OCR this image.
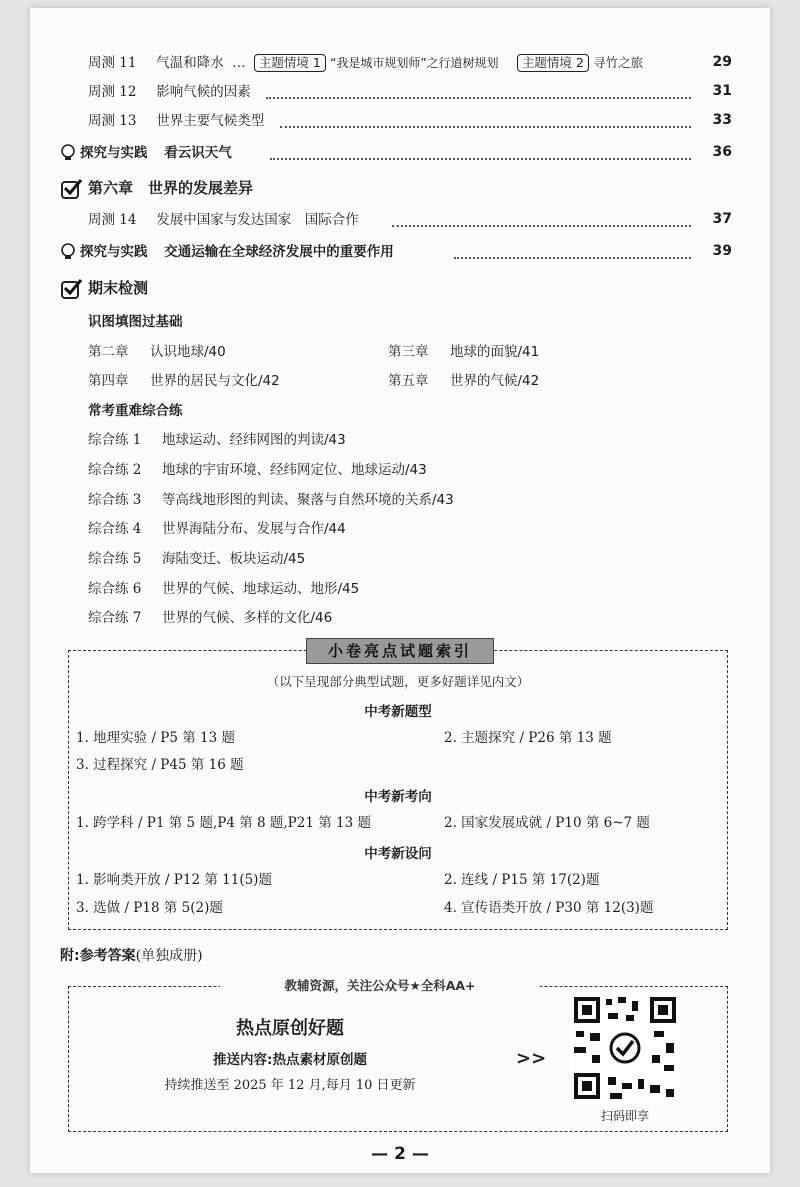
周测 11 气温和降水 … 主题情境 1 “我是城市规划师”之行道树规划 主题情境 2 寻竹之旅	29
周测 12 影响气候的因素	31
周测 13 世界主要气候类型	33
探究与实践 看云识天气	36
第六章　世界的发展差异
周测 14 发展中国家与发达国家　国际合作	37
探究与实践 交通运输在全球经济发展中的重要作用	39
期末检测
识图填图过基础
第二章 认识地球/40	第三章 地球的面貌/41
第四章 世界的居民与文化/42	第五章 世界的气候/42
常考重难综合练
综合练 1 地球运动、经纬网图的判读/43
综合练 2 地球的宇宙环境、经纬网定位、地球运动/43
综合练 3 等高线地形图的判读、聚落与自然环境的关系/43
综合练 4 世界海陆分布、发展与合作/44
综合练 5 海陆变迁、板块运动/45
综合练 6 世界的气候、地球运动、地形/45
综合练 7 世界的气候、多样的文化/46
小卷亮点试题索引
（以下呈现部分典型试题，更多好题详见内文）
中考新题型
1. 地理实验 / P5 第 13 题	2. 主题探究 / P26 第 13 题
3. 过程探究 / P45 第 16 题
中考新考向
1. 跨学科 / P1 第 5 题,P4 第 8 题,P21 第 13 题	2. 国家发展成就 / P10 第 6~7 题
中考新设问
1. 影响类开放 / P12 第 11(5)题	2. 连线 / P15 第 17(2)题
3. 选做 / P18 第 5(2)题	4. 宣传语类开放 / P30 第 12(3)题
附:参考答案(单独成册)
教辅资源，关注公众号★全科AA+
热点原创好题
推送内容:热点素材原创题
持续推送至 2025 年 12 月,每月 10 日更新
>>
扫码即享
— 2 —
